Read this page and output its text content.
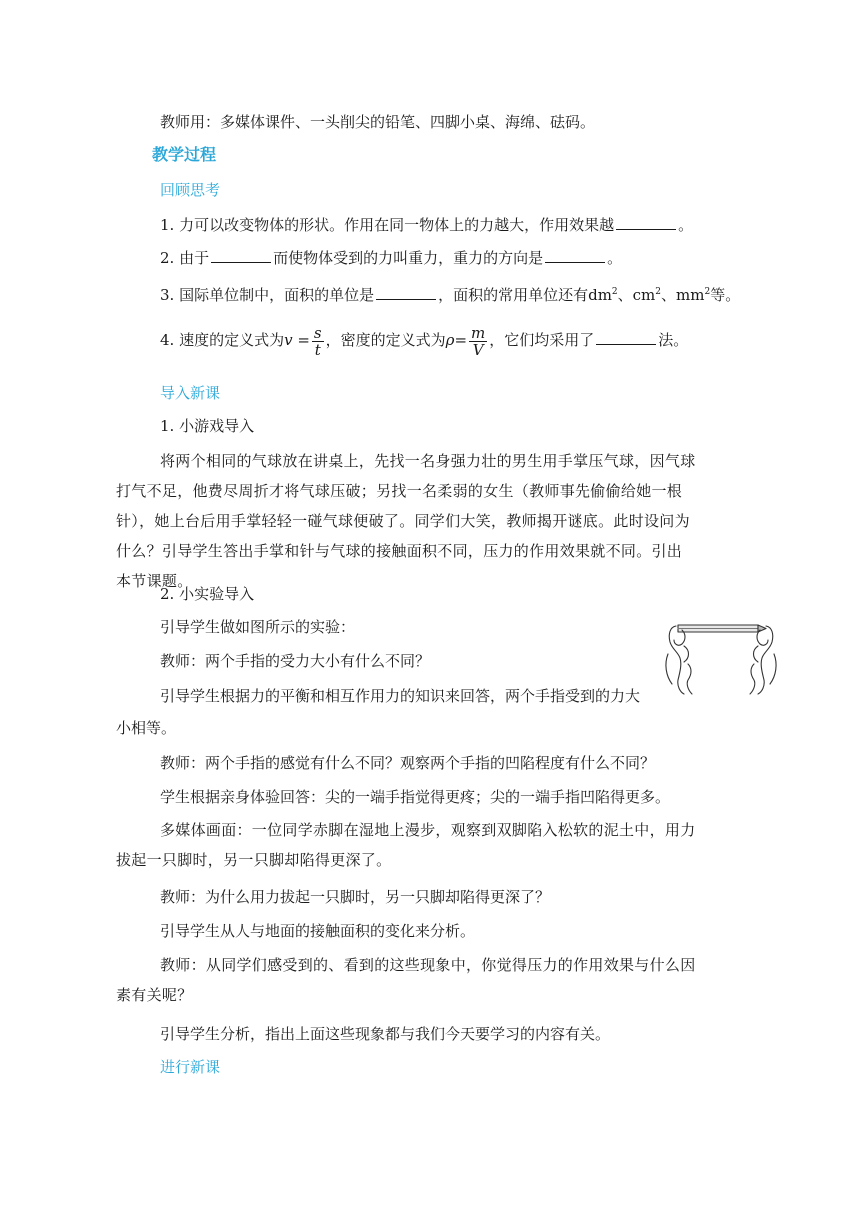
教师用：多媒体课件、一头削尖的铅笔、四脚小桌、海绵、砝码。
教学过程
回顾思考
1. 力可以改变物体的形状。作用在同一物体上的力越大，作用效果越	。
2. 由于	而使物体受到的力叫重力，重力的方向是	。
3. 国际单位制中，面积的单位是	，面积的常用单位还有$dm^2$、$cm^2$、$mm^2$等。
4. 速度的定义式为$v = \frac{s}{t}$ ，密度的定义式为$\rho= \frac{m}{V}$ ，它们均采用了	法。
导入新课
1. 小游戏导入
将两个相同的气球放在讲桌上，先找一名身强力壮的男生用手掌压气球，因气球打气不足，他费尽周折才将气球压破；另找一名柔弱的女生（教师事先偷偷给她一根针），她上台后用手掌轻轻一碰气球便破了。同学们大笑，教师揭开谜底。此时设问为什么？引导学生答出手掌和针与气球的接触面积不同，压力的作用效果就不同。引出本节课题。
2. 小实验导入
引导学生做如图所示的实验：
教师：两个手指的受力大小有什么不同？
引导学生根据力的平衡和相互作用力的知识来回答，两个手指受到的力大
小相等。
教师：两个手指的感觉有什么不同？观察两个手指的凹陷程度有什么不同？
学生根据亲身体验回答：尖的一端手指觉得更疼；尖的一端手指凹陷得更多。
多媒体画面：一位同学赤脚在湿地上漫步，观察到双脚陷入松软的泥土中，用力拔起一只脚时，另一只脚却陷得更深了。
教师：为什么用力拔起一只脚时，另一只脚却陷得更深了？
引导学生从人与地面的接触面积的变化来分析。
教师：从同学们感受到的、看到的这些现象中，你觉得压力的作用效果与什么因素有关呢？
引导学生分析，指出上面这些现象都与我们今天要学习的内容有关。
进行新课
